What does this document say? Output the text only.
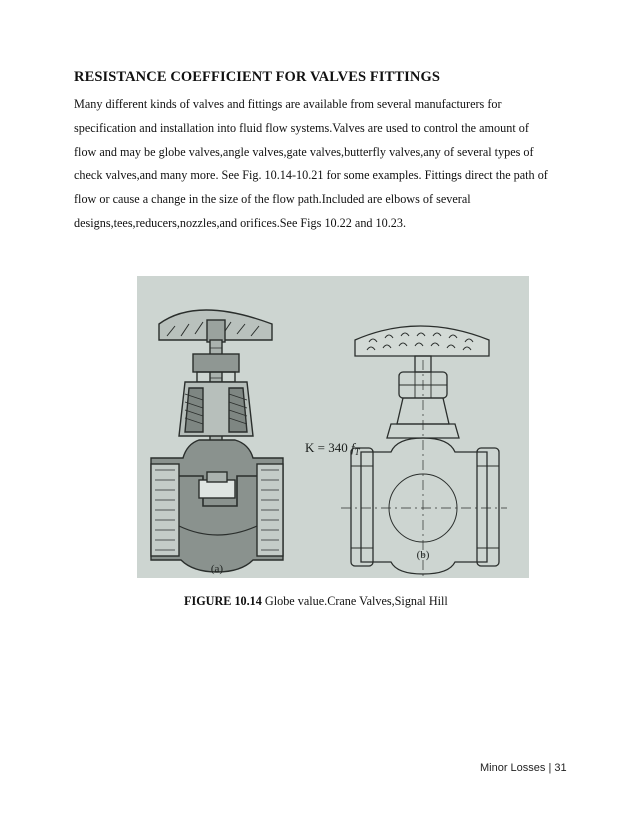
RESISTANCE COEFFICIENT FOR VALVES FITTINGS
Many different kinds of valves and fittings are available from several manufacturers for
specification and installation into fluid flow systems.Valves are used to control the amount of
flow and may be globe valves,angle valves,gate valves,butterfly valves,any of several types of
check valves,and many more. See Fig. 10.14-10.21 for some examples. Fittings direct the path of
flow or cause a change in the size of the flow path.Included are elbows of several
designs,tees,reducers,nozzles,and orifices.See Figs 10.22 and 10.23.
K = 340 $f_T$
(a)
(b)
FIGURE 10.14 Globe value.Crane Valves,Signal Hill
Minor Losses | 31
